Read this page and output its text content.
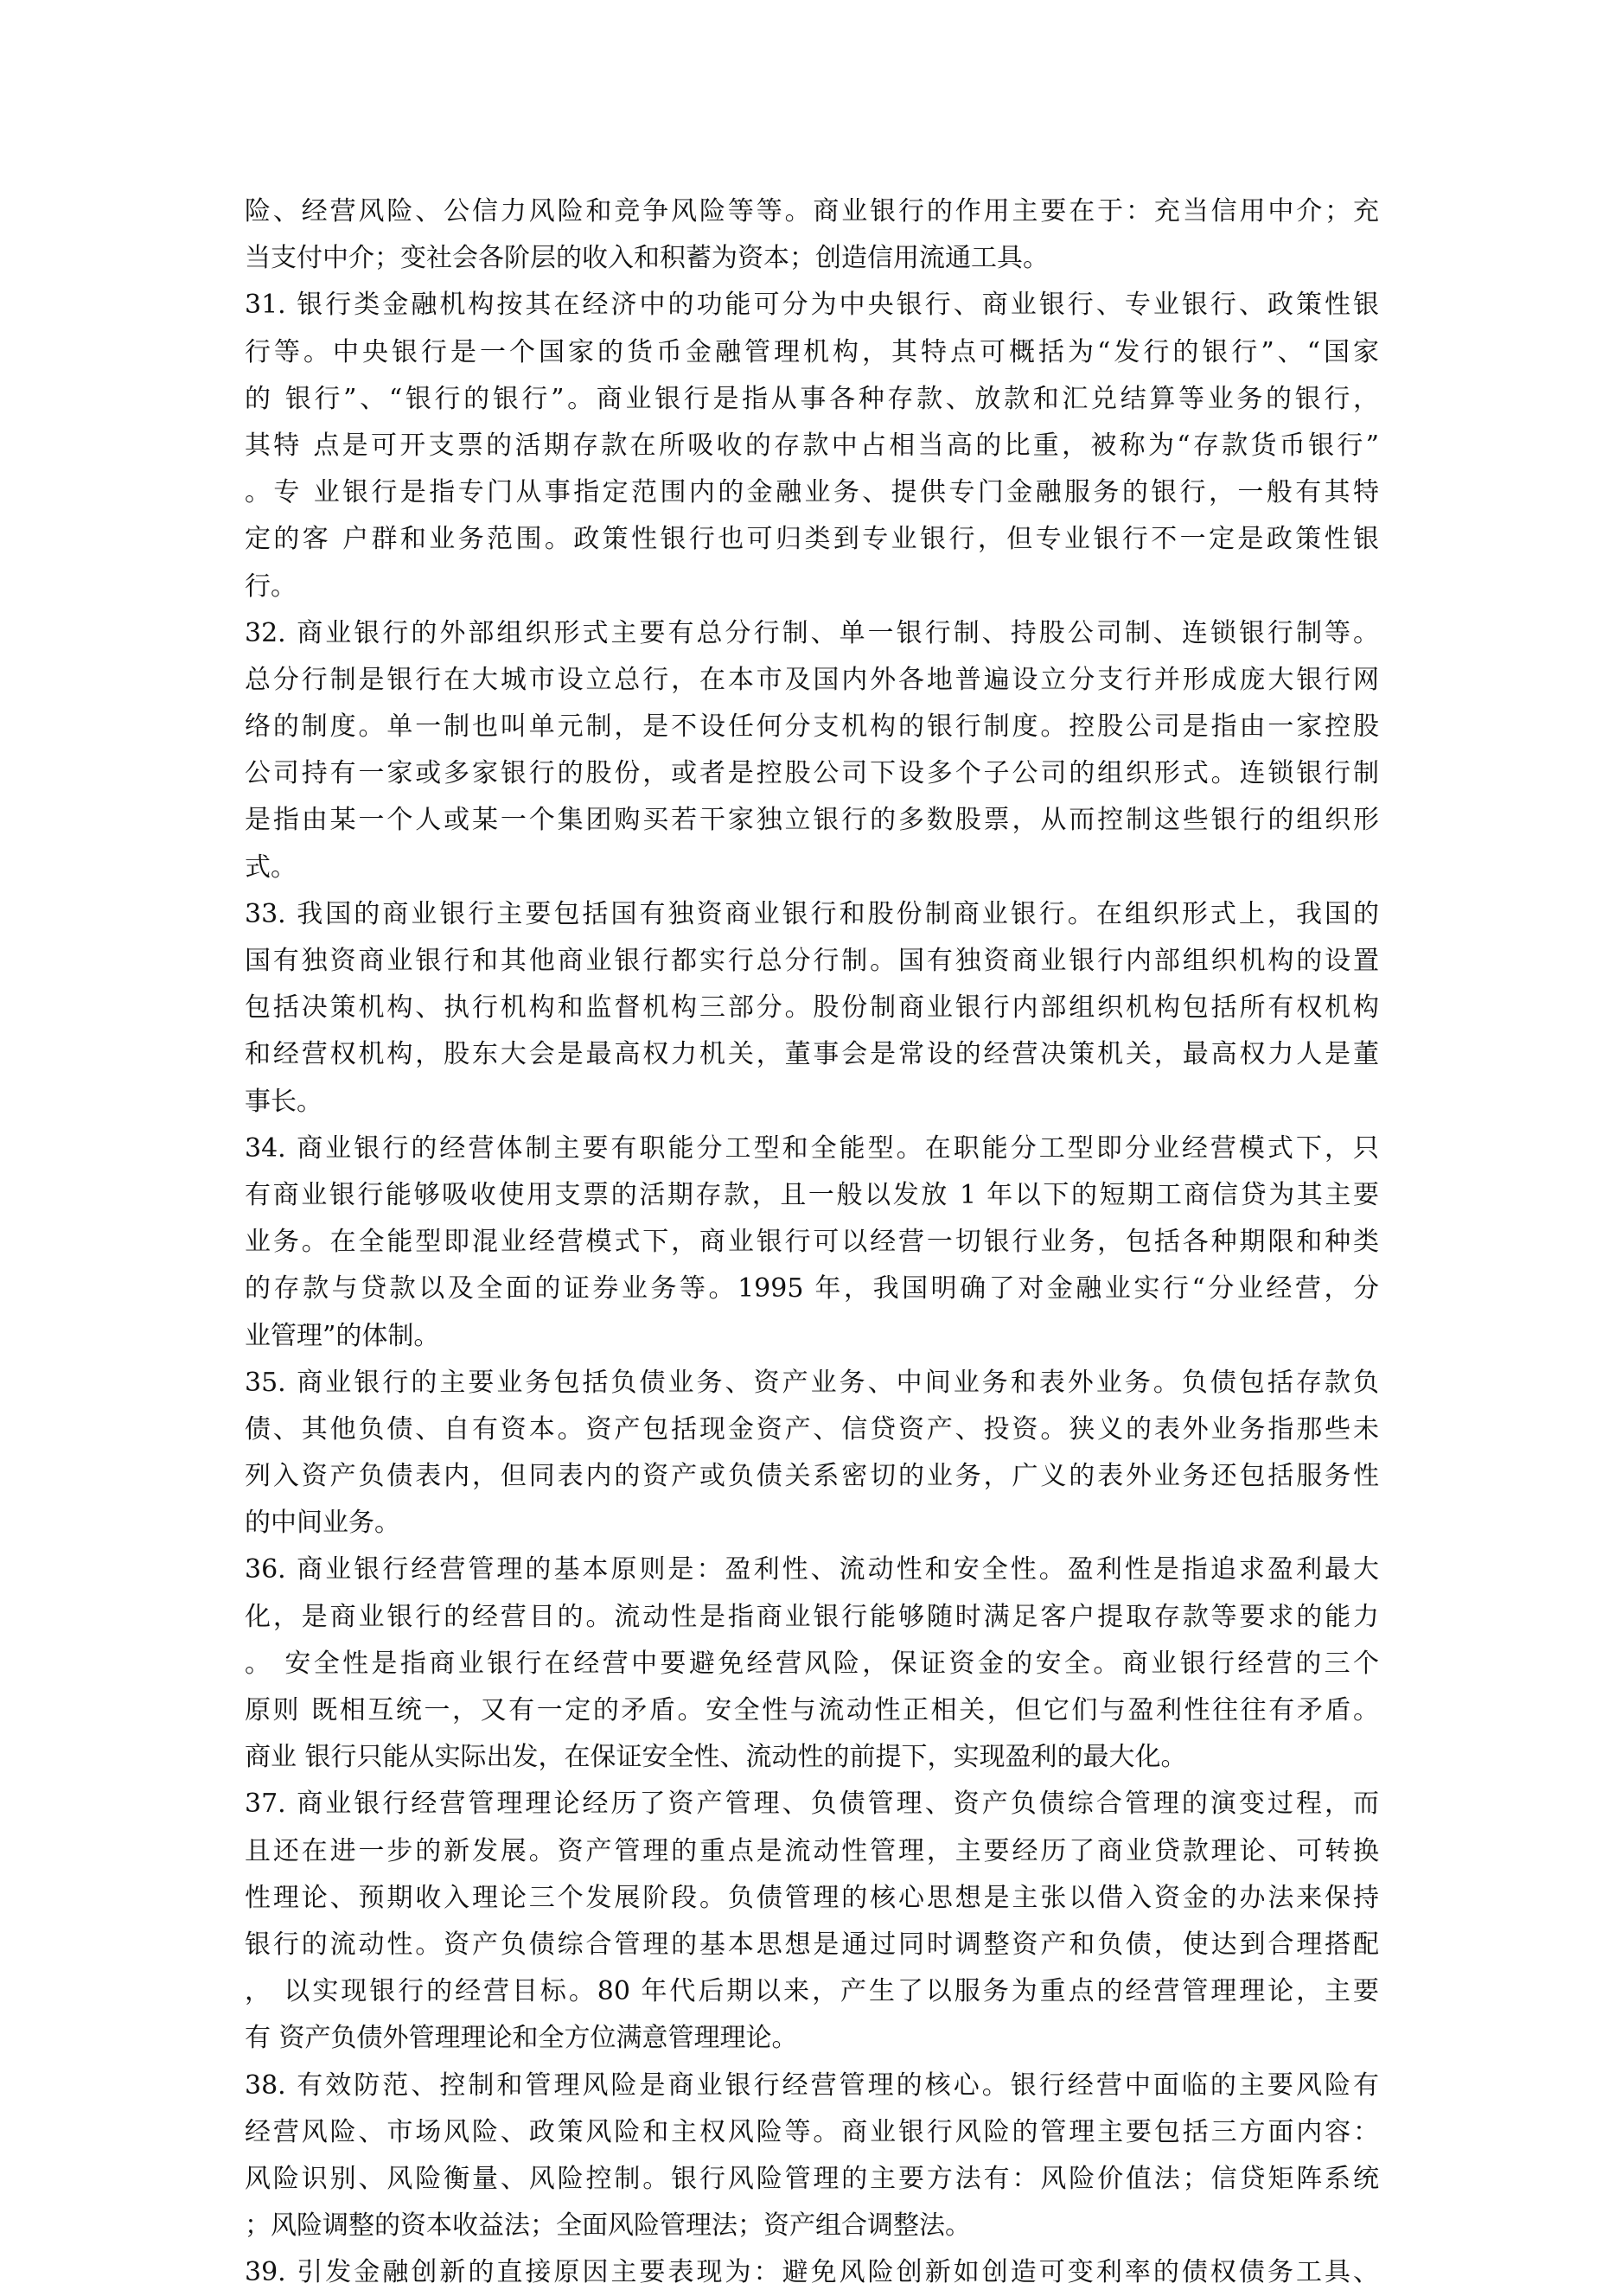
险、经营风险、公信力风险和竞争风险等等。商业银行的作用主要在于：充当信用中介；充
当支付中介；变社会各阶层的收入和积蓄为资本；创造信用流通工具。
31. 银行类金融机构按其在经济中的功能可分为中央银行、商业银行、专业银行、政策性银
行等。中央银行是一个国家的货币金融管理机构，其特点可概括为“发行的银行”、“国家
的 银行”、“银行的银行”。商业银行是指从事各种存款、放款和汇兑结算等业务的银行，
其特 点是可开支票的活期存款在所吸收的存款中占相当高的比重，被称为“存款货币银行”
。专 业银行是指专门从事指定范围内的金融业务、提供专门金融服务的银行，一般有其特
定的客 户群和业务范围。政策性银行也可归类到专业银行，但专业银行不一定是政策性银
行。
32. 商业银行的外部组织形式主要有总分行制、单一银行制、持股公司制、连锁银行制等。
总分行制是银行在大城市设立总行，在本市及国内外各地普遍设立分支行并形成庞大银行网
络的制度。单一制也叫单元制，是不设任何分支机构的银行制度。控股公司是指由一家控股
公司持有一家或多家银行的股份，或者是控股公司下设多个子公司的组织形式。连锁银行制
是指由某一个人或某一个集团购买若干家独立银行的多数股票，从而控制这些银行的组织形
式。
33. 我国的商业银行主要包括国有独资商业银行和股份制商业银行。在组织形式上，我国的
国有独资商业银行和其他商业银行都实行总分行制。国有独资商业银行内部组织机构的设置
包括决策机构、执行机构和监督机构三部分。股份制商业银行内部组织机构包括所有权机构
和经营权机构，股东大会是最高权力机关，董事会是常设的经营决策机关，最高权力人是董
事长。
34. 商业银行的经营体制主要有职能分工型和全能型。在职能分工型即分业经营模式下，只
有商业银行能够吸收使用支票的活期存款，且一般以发放 1 年以下的短期工商信贷为其主要
业务。在全能型即混业经营模式下，商业银行可以经营一切银行业务，包括各种期限和种类
的存款与贷款以及全面的证券业务等。1995 年，我国明确了对金融业实行“分业经营，分
业管理”的体制。
35. 商业银行的主要业务包括负债业务、资产业务、中间业务和表外业务。负债包括存款负
债、其他负债、自有资本。资产包括现金资产、信贷资产、投资。狭义的表外业务指那些未
列入资产负债表内，但同表内的资产或负债关系密切的业务，广义的表外业务还包括服务性
的中间业务。
36. 商业银行经营管理的基本原则是：盈利性、流动性和安全性。盈利性是指追求盈利最大
化，是商业银行的经营目的。流动性是指商业银行能够随时满足客户提取存款等要求的能力
。 安全性是指商业银行在经营中要避免经营风险，保证资金的安全。商业银行经营的三个
原则 既相互统一，又有一定的矛盾。安全性与流动性正相关，但它们与盈利性往往有矛盾。
商业 银行只能从实际出发，在保证安全性、流动性的前提下，实现盈利的最大化。
37. 商业银行经营管理理论经历了资产管理、负债管理、资产负债综合管理的演变过程，而
且还在进一步的新发展。资产管理的重点是流动性管理，主要经历了商业贷款理论、可转换
性理论、预期收入理论三个发展阶段。负债管理的核心思想是主张以借入资金的办法来保持
银行的流动性。资产负债综合管理的基本思想是通过同时调整资产和负债，使达到合理搭配
， 以实现银行的经营目标。80 年代后期以来，产生了以服务为重点的经营管理理论，主要
有 资产负债外管理理论和全方位满意管理理论。
38. 有效防范、控制和管理风险是商业银行经营管理的核心。银行经营中面临的主要风险有
经营风险、市场风险、政策风险和主权风险等。商业银行风险的管理主要包括三方面内容：
风险识别、风险衡量、风险控制。银行风险管理的主要方法有：风险价值法；信贷矩阵系统
；风险调整的资本收益法；全面风险管理法；资产组合调整法。
39. 引发金融创新的直接原因主要表现为：避免风险创新如创造可变利率的债权债务工具、
